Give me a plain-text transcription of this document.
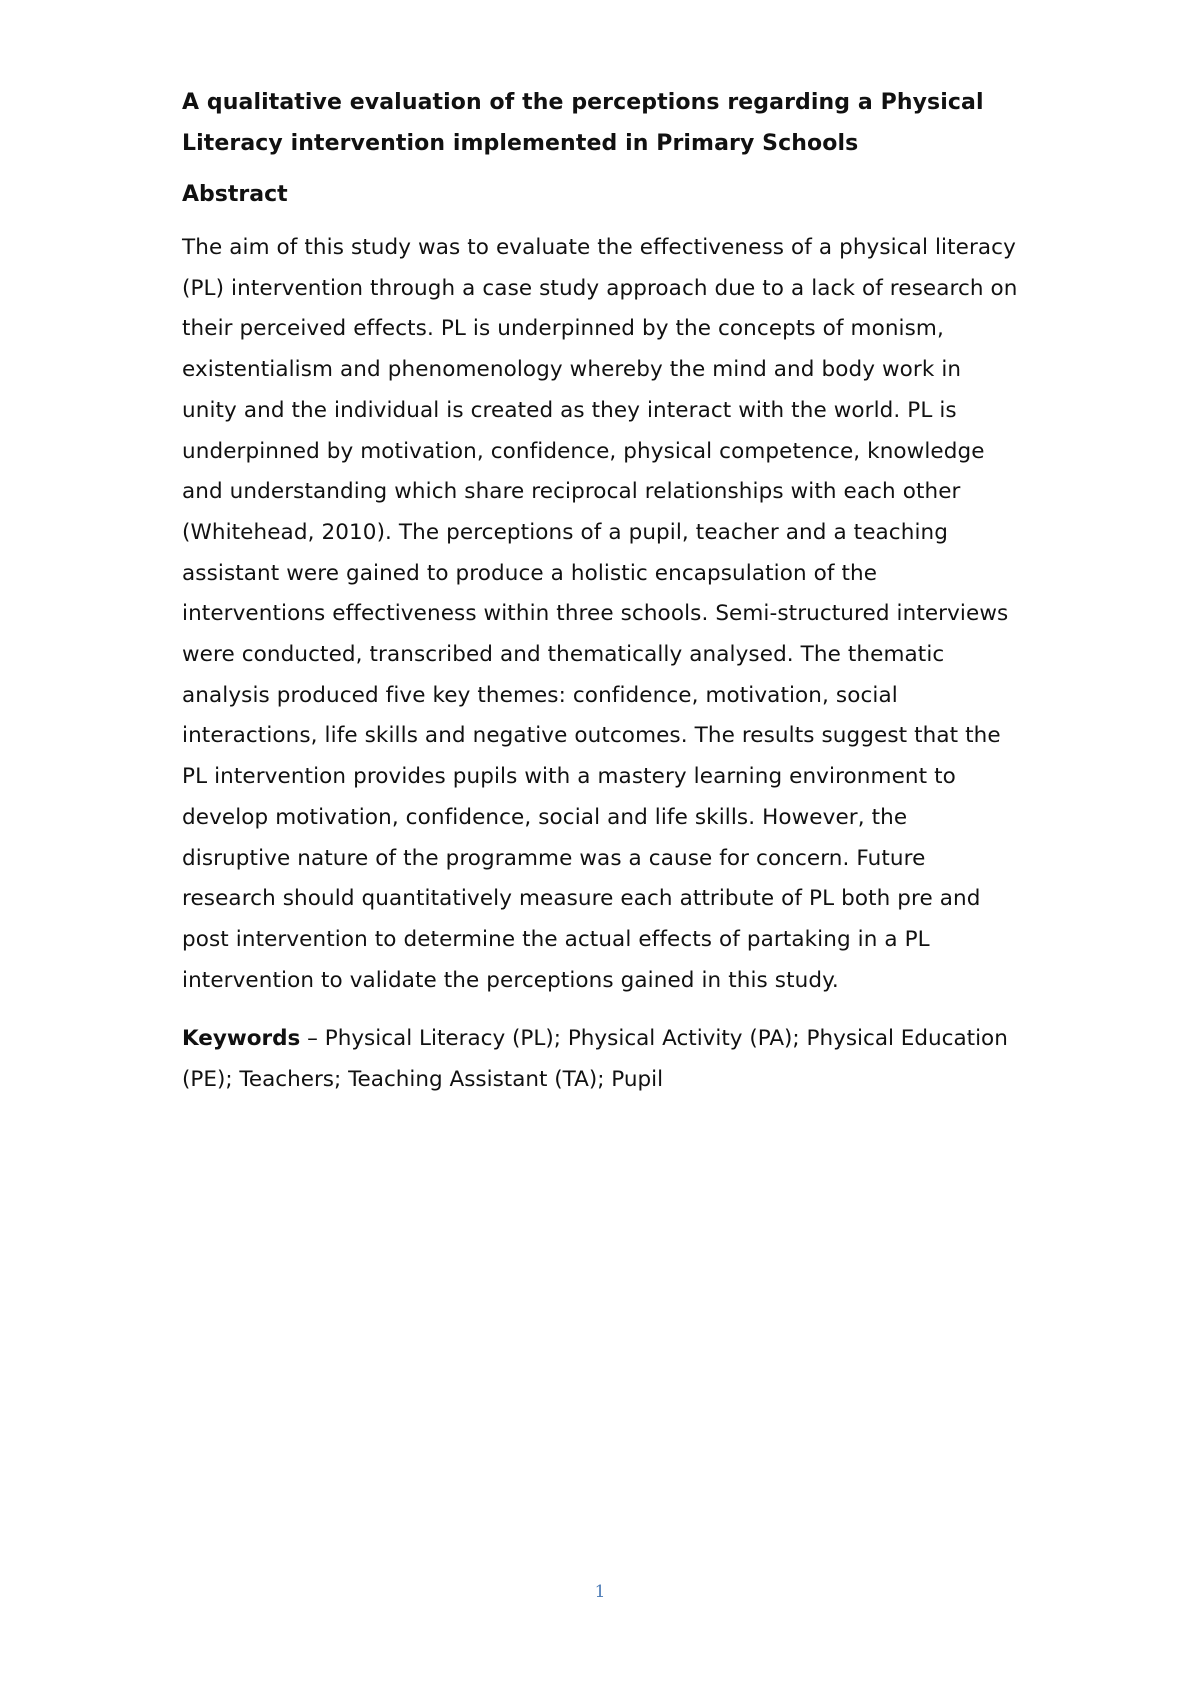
A qualitative evaluation of the perceptions regarding a Physical Literacy intervention implemented in Primary Schools
Abstract

The aim of this study was to evaluate the effectiveness of a physical literacy (PL) intervention through a case study approach due to a lack of research on their perceived effects. PL is underpinned by the concepts of monism, existentialism and phenomenology whereby the mind and body work in unity and the individual is created as they interact with the world. PL is underpinned by motivation, confidence, physical competence, knowledge and understanding which share reciprocal relationships with each other (Whitehead, 2010). The perceptions of a pupil, teacher and a teaching assistant were gained to produce a holistic encapsulation of the interventions effectiveness within three schools. Semi-structured interviews were conducted, transcribed and thematically analysed. The thematic analysis produced five key themes: confidence, motivation, social interactions, life skills and negative outcomes. The results suggest that the PL intervention provides pupils with a mastery learning environment to develop motivation, confidence, social and life skills. However, the disruptive nature of the programme was a cause for concern. Future research should quantitatively measure each attribute of PL both pre and post intervention to determine the actual effects of partaking in a PL intervention to validate the perceptions gained in this study.

Keywords – Physical Literacy (PL); Physical Activity (PA); Physical Education (PE); Teachers; Teaching Assistant (TA); Pupil

1
